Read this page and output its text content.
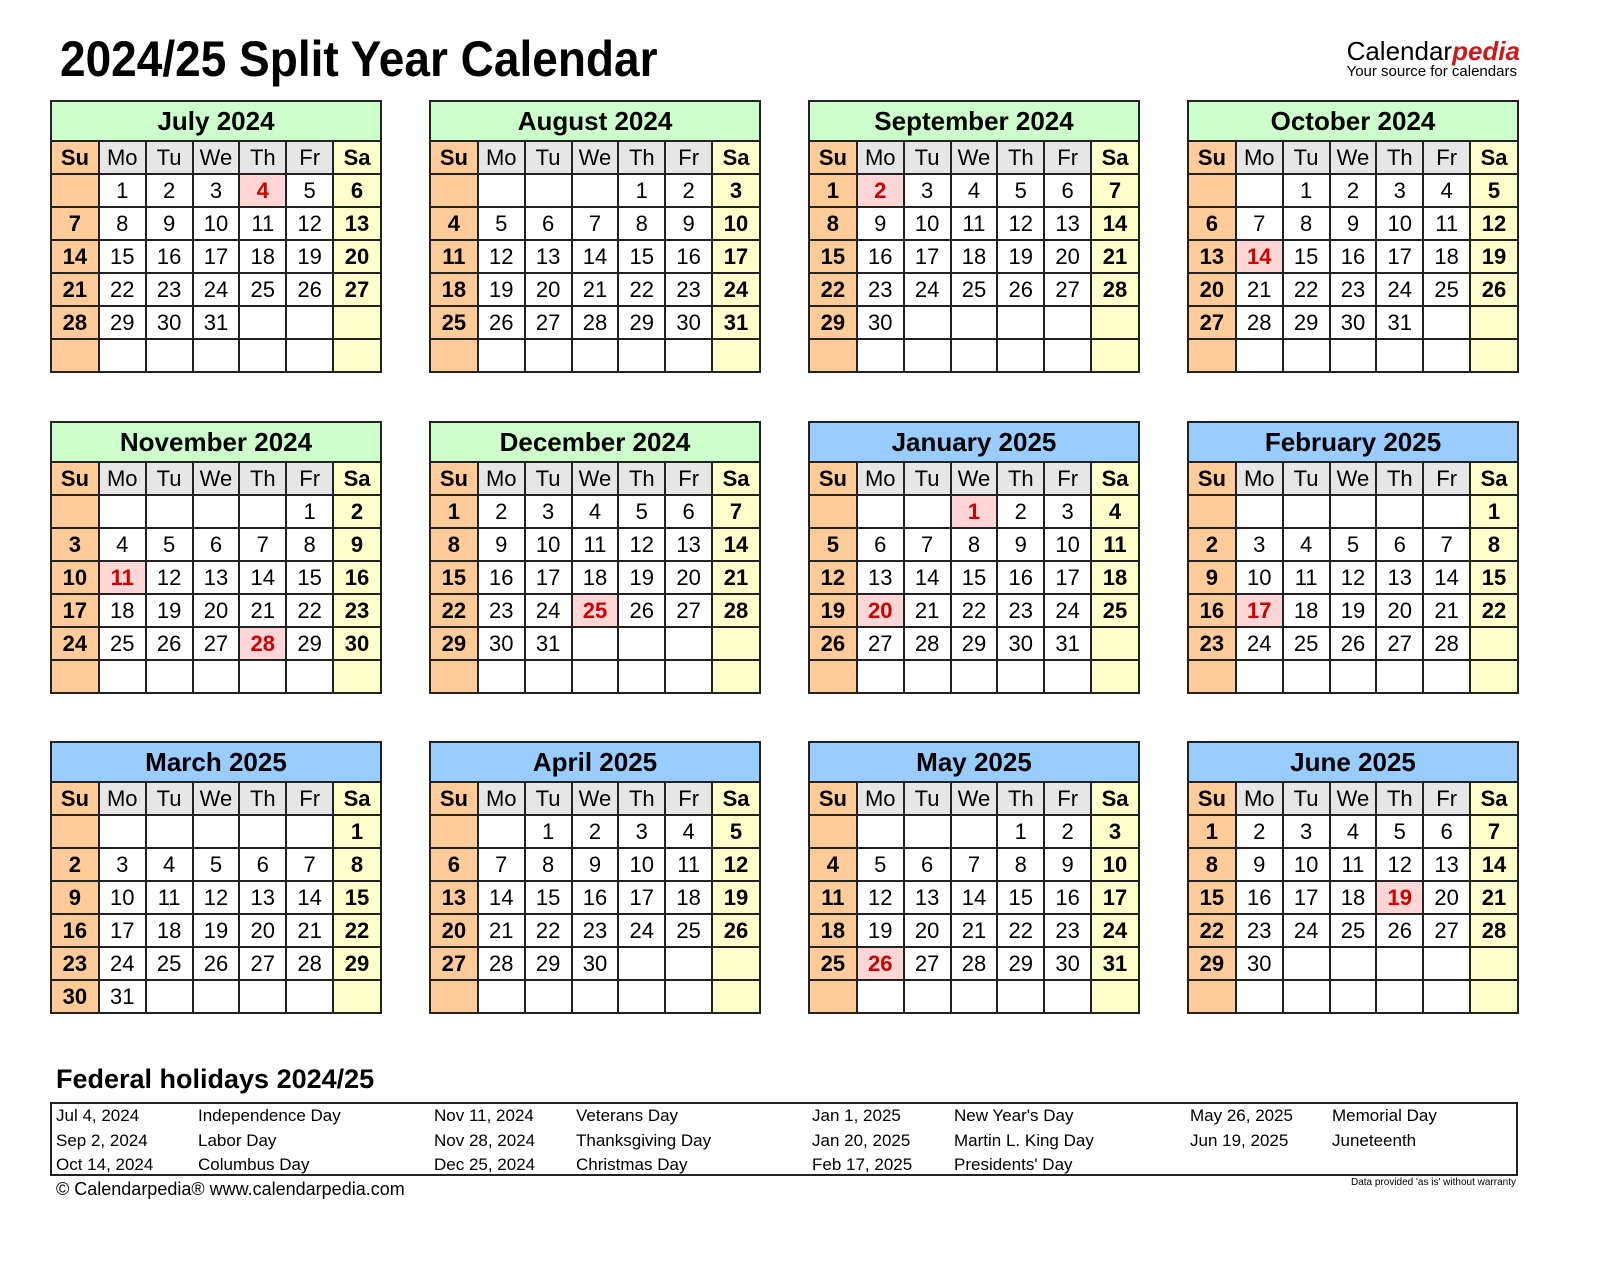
2024/25 Split Year Calendar	Calendarpedia
Your source for calendars
July 2024
Su	Mo	Tu	We	Th	Fr	Sa
	1	2	3	4	5	6
7	8	9	10	11	12	13
14	15	16	17	18	19	20
21	22	23	24	25	26	27
28	29	30	31			

August 2024
Su	Mo	Tu	We	Th	Fr	Sa
				1	2	3
4	5	6	7	8	9	10
11	12	13	14	15	16	17
18	19	20	21	22	23	24
25	26	27	28	29	30	31

September 2024
Su	Mo	Tu	We	Th	Fr	Sa
1	2	3	4	5	6	7
8	9	10	11	12	13	14
15	16	17	18	19	20	21
22	23	24	25	26	27	28
29	30					

October 2024
Su	Mo	Tu	We	Th	Fr	Sa
		1	2	3	4	5
6	7	8	9	10	11	12
13	14	15	16	17	18	19
20	21	22	23	24	25	26
27	28	29	30	31		

November 2024
Su	Mo	Tu	We	Th	Fr	Sa
					1	2
3	4	5	6	7	8	9
10	11	12	13	14	15	16
17	18	19	20	21	22	23
24	25	26	27	28	29	30

December 2024
Su	Mo	Tu	We	Th	Fr	Sa
1	2	3	4	5	6	7
8	9	10	11	12	13	14
15	16	17	18	19	20	21
22	23	24	25	26	27	28
29	30	31				

January 2025
Su	Mo	Tu	We	Th	Fr	Sa
			1	2	3	4
5	6	7	8	9	10	11
12	13	14	15	16	17	18
19	20	21	22	23	24	25
26	27	28	29	30	31	

February 2025
Su	Mo	Tu	We	Th	Fr	Sa
						1
2	3	4	5	6	7	8
9	10	11	12	13	14	15
16	17	18	19	20	21	22
23	24	25	26	27	28	

March 2025
Su	Mo	Tu	We	Th	Fr	Sa
						1
2	3	4	5	6	7	8
9	10	11	12	13	14	15
16	17	18	19	20	21	22
23	24	25	26	27	28	29
30	31					
April 2025
Su	Mo	Tu	We	Th	Fr	Sa
		1	2	3	4	5
6	7	8	9	10	11	12
13	14	15	16	17	18	19
20	21	22	23	24	25	26
27	28	29	30			

May 2025
Su	Mo	Tu	We	Th	Fr	Sa
				1	2	3
4	5	6	7	8	9	10
11	12	13	14	15	16	17
18	19	20	21	22	23	24
25	26	27	28	29	30	31

June 2025
Su	Mo	Tu	We	Th	Fr	Sa
1	2	3	4	5	6	7
8	9	10	11	12	13	14
15	16	17	18	19	20	21
22	23	24	25	26	27	28
29	30					

Federal holidays 2024/25
Jul 4, 2024	Independence Day
Sep 2, 2024	Labor Day
Oct 14, 2024	Columbus Day
Nov 11, 2024 Veterans Day
Nov 28, 2024 Thanksgiving Day
Dec 25, 2024 Christmas Day
Jan 1, 2025	New Year's Day
Jan 20, 2025	Martin L. King Day
Feb 17, 2025 Presidents' Day
May 26, 2025 Memorial Day
Jun 19, 2025	Juneteenth
© Calendarpedia® www.calendarpedia.com	Data provided 'as is' without warranty
